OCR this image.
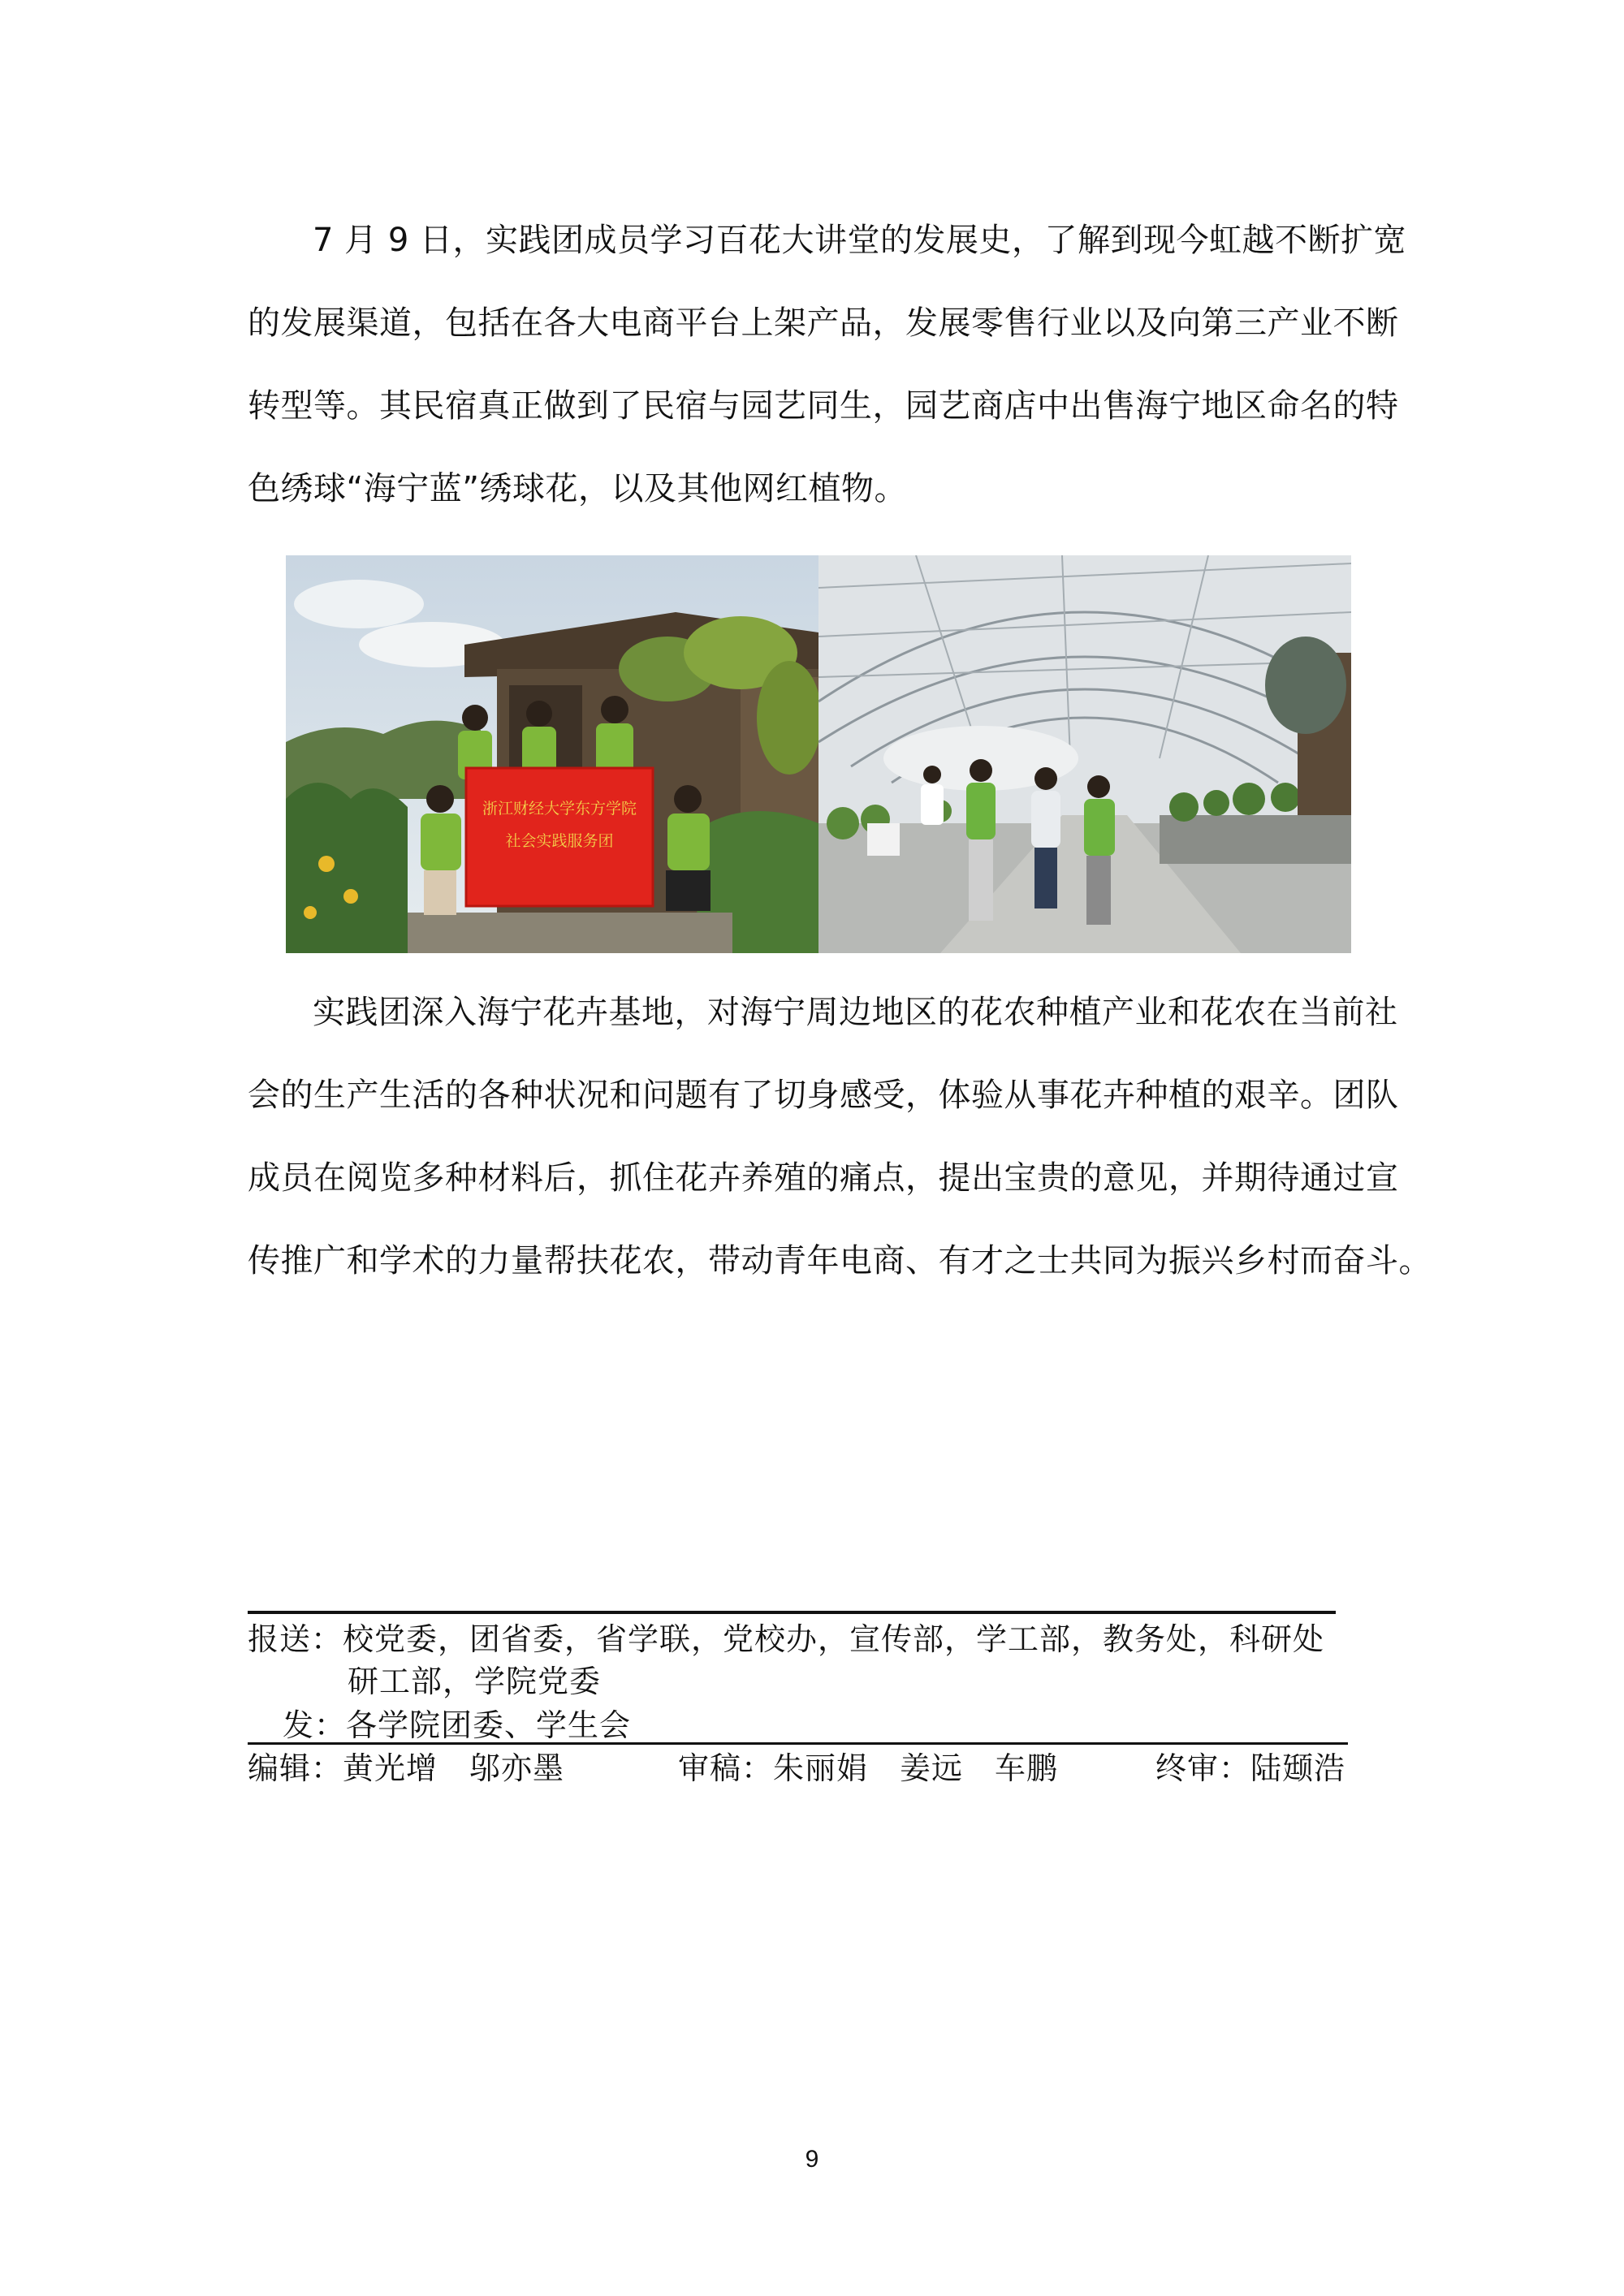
7 月 9 日，实践团成员学习百花大讲堂的发展史，了解到现今虹越不断扩宽
的发展渠道，包括在各大电商平台上架产品，发展零售行业以及向第三产业不断
转型等。其民宿真正做到了民宿与园艺同生，园艺商店中出售海宁地区命名的特
色绣球“海宁蓝”绣球花，以及其他网红植物。
浙江财经大学东方学院
社会实践服务团
实践团深入海宁花卉基地，对海宁周边地区的花农种植产业和花农在当前社
会的生产生活的各种状况和问题有了切身感受，体验从事花卉种植的艰辛。团队
成员在阅览多种材料后，抓住花卉养殖的痛点，提出宝贵的意见，并期待通过宣
传推广和学术的力量帮扶花农，带动青年电商、有才之士共同为振兴乡村而奋斗。
报送：校党委，团省委，省学联，党校办，宣传部，学工部，教务处，科研处
研工部，学院党委
发：各学院团委、学生会
编辑：黄光增　邬亦墨	审稿：朱丽娟　姜远　车鹏	终审：陆颋浩
9
